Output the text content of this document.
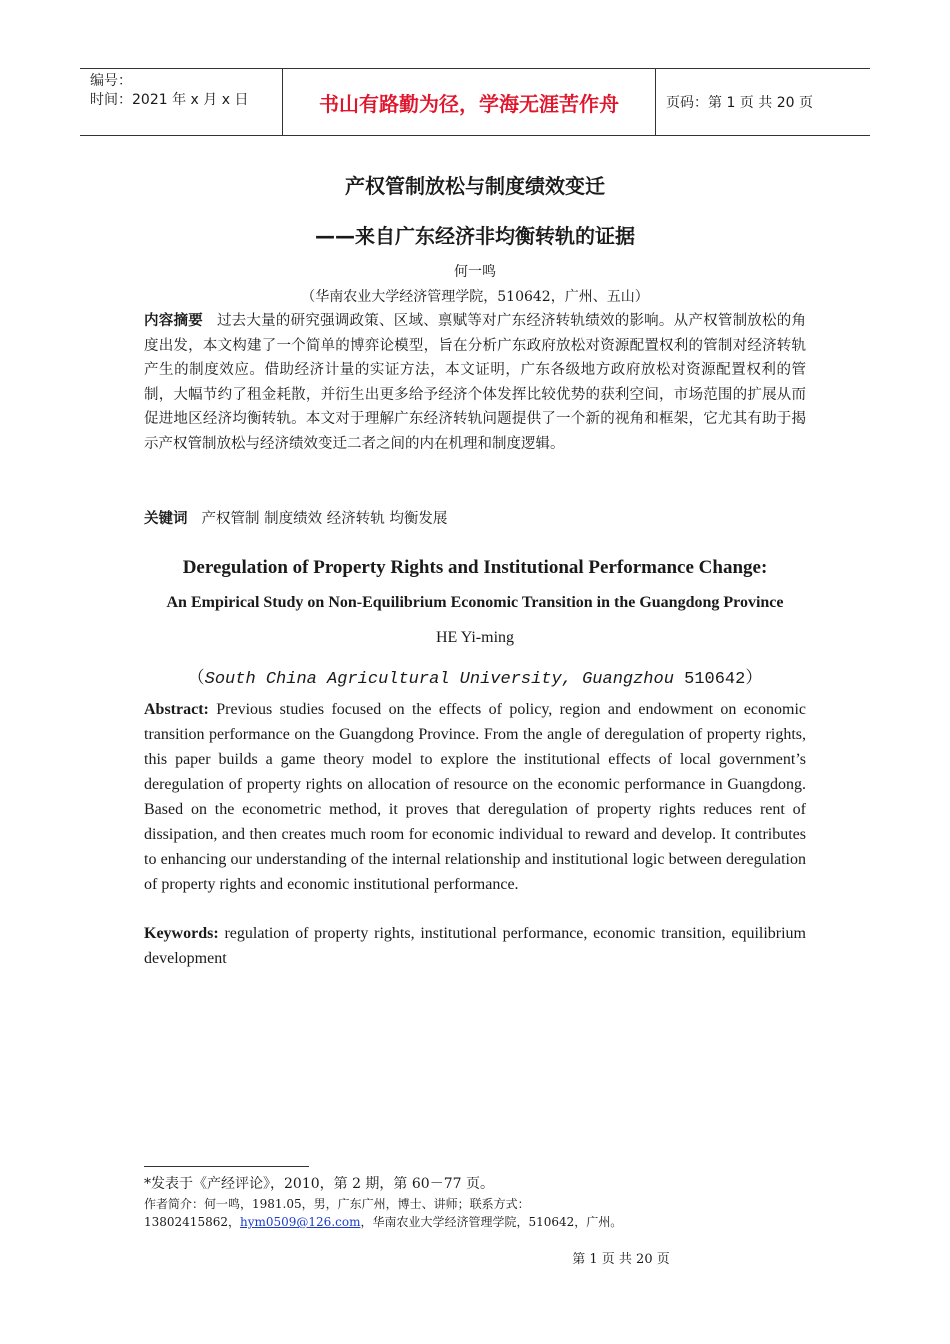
编号：
时间：2021 年 x 月 x 日	书山有路勤为径，学海无涯苦作舟	页码：第 1 页 共 20 页
产权管制放松与制度绩效变迁
——来自广东经济非均衡转轨的证据
何一鸣
（华南农业大学经济管理学院，510642，广州、五山）
内容摘要 过去大量的研究强调政策、区域、禀赋等对广东经济转轨绩效的影响。从产权管制放松的角度出发，本文构建了一个简单的博弈论模型，旨在分析广东政府放松对资源配置权利的管制对经济转轨产生的制度效应。借助经济计量的实证方法，本文证明，广东各级地方政府放松对资源配置权利的管制，大幅节约了租金耗散，并衍生出更多给予经济个体发挥比较优势的获利空间，市场范围的扩展从而促进地区经济均衡转轨。本文对于理解广东经济转轨问题提供了一个新的视角和框架，它尤其有助于揭示产权管制放松与经济绩效变迁二者之间的内在机理和制度逻辑。
关键词 产权管制 制度绩效 经济转轨 均衡发展
Deregulation of Property Rights and Institutional Performance Change:
An Empirical Study on Non-Equilibrium Economic Transition in the Guangdong Province
HE Yi-ming
（South China Agricultural University, Guangzhou 510642）
Abstract: Previous studies focused on the effects of policy, region and endowment on economic transition performance on the Guangdong Province. From the angle of deregulation of property rights, this paper builds a game theory model to explore the institutional effects of local government’s deregulation of property rights on allocation of resource on the economic performance in Guangdong. Based on the econometric method, it proves that deregulation of property rights reduces rent of dissipation, and then creates much room for economic individual to reward and develop. It contributes to enhancing our understanding of the internal relationship and institutional logic between deregulation of property rights and economic institutional performance.
Keywords: regulation of property rights, institutional performance, economic transition, equilibrium development
*发表于《产经评论》，2010，第 2 期，第 60－77 页。
作者简介：何一鸣，1981.05，男，广东广州，博士、讲师；联系方式：
13802415862，hym0509@126.com，华南农业大学经济管理学院，510642，广州。
第 1 页 共 20 页
